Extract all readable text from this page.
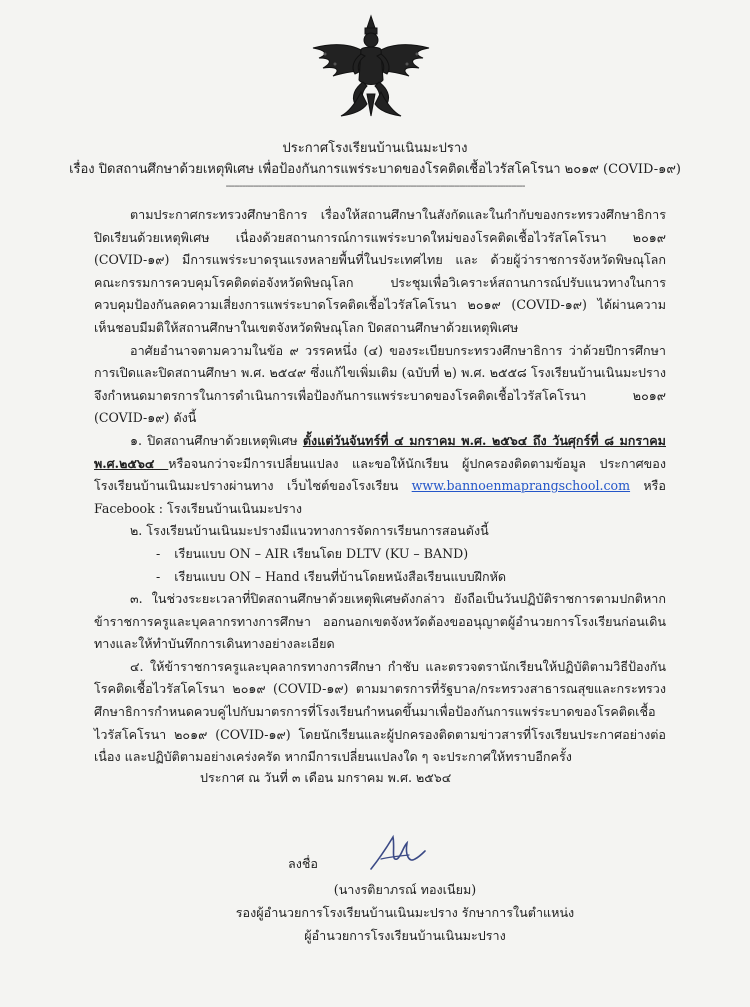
ประกาศโรงเรียนบ้านเนินมะปราง
เรื่อง ปิดสถานศึกษาด้วยเหตุพิเศษ เพื่อป้องกันการแพร่ระบาดของโรคติดเชื้อไวรัสโคโรนา ๒๐๑๙ (COVID-๑๙)
--------------------------------------------------------------------------------------------------------------

ตามประกาศกระทรวงศึกษาธิการ เรื่องให้สถานศึกษาในสังกัดและในกำกับของกระทรวงศึกษาธิการปิดเรียนด้วยเหตุพิเศษ เนื่องด้วยสถานการณ์การแพร่ระบาดใหม่ของโรคติดเชื้อไวรัสโคโรนา ๒๐๑๙ (COVID-๑๙) มีการแพร่ระบาดรุนแรงหลายพื้นที่ในประเทศไทย และ ด้วยผู้ว่าราชการจังหวัดพิษณุโลก คณะกรรมการควบคุมโรคติดต่อจังหวัดพิษณุโลก ประชุมเพื่อวิเคราะห์สถานการณ์ปรับแนวทางในการควบคุมป้องกันลดความเสี่ยงการแพร่ระบาดโรคติดเชื้อไวรัสโคโรนา ๒๐๑๙ (COVID-๑๙) ได้ผ่านความเห็นชอบมีมติให้สถานศึกษาในเขตจังหวัดพิษณุโลก ปิดสถานศึกษาด้วยเหตุพิเศษ

อาศัยอำนาจตามความในข้อ ๙ วรรคหนึ่ง (๔) ของระเบียบกระทรวงศึกษาธิการ ว่าด้วยปีการศึกษาการเปิดและปิดสถานศึกษา พ.ศ. ๒๕๔๙ ซึ่งแก้ไขเพิ่มเติม (ฉบับที่ ๒) พ.ศ. ๒๕๕๘ โรงเรียนบ้านเนินมะปราง จึงกำหนดมาตรการในการดำเนินการเพื่อป้องกันการแพร่ระบาดของโรคติดเชื้อไวรัสโคโรนา ๒๐๑๙ (COVID-๑๙) ดังนี้

๑. ปิดสถานศึกษาด้วยเหตุพิเศษ ตั้งแต่วันจันทร์ที่ ๔ มกราคม พ.ศ. ๒๕๖๔ ถึง วันศุกร์ที่ ๘ มกราคม พ.ศ.๒๕๖๔ หรือจนกว่าจะมีการเปลี่ยนแปลง และขอให้นักเรียน ผู้ปกครองติดตามข้อมูล ประกาศของโรงเรียนบ้านเนินมะปรางผ่านทาง เว็บไซต์ของโรงเรียน www.bannoenmaprangschool.com หรือ Facebook : โรงเรียนบ้านเนินมะปราง

๒. โรงเรียนบ้านเนินมะปรางมีแนวทางการจัดการเรียนการสอนดังนี้

- เรียนแบบ ON – AIR เรียนโดย DLTV (KU – BAND)
- เรียนแบบ ON – Hand เรียนที่บ้านโดยหนังสือเรียนแบบฝึกหัด

๓. ในช่วงระยะเวลาที่ปิดสถานศึกษาด้วยเหตุพิเศษดังกล่าว ยังถือเป็นวันปฏิบัติราชการตามปกติหากข้าราชการครูและบุคลากรทางการศึกษา ออกนอกเขตจังหวัดต้องขออนุญาตผู้อำนวยการโรงเรียนก่อนเดินทางและให้ทำบันทึกการเดินทางอย่างละเอียด

๔. ให้ข้าราชการครูและบุคลากรทางการศึกษา กำชับ และตรวจตรานักเรียนให้ปฏิบัติตามวิธีป้องกันโรคติดเชื้อไวรัสโคโรนา ๒๐๑๙ (COVID-๑๙) ตามมาตรการที่รัฐบาล/กระทรวงสาธารณสุขและกระทรวงศึกษาธิการกำหนดควบคู่ไปกับมาตรการที่โรงเรียนกำหนดขึ้นมาเพื่อป้องกันการแพร่ระบาดของโรคติดเชื้อไวรัสโคโรนา ๒๐๑๙ (COVID-๑๙) โดยนักเรียนและผู้ปกครองติดตามข่าวสารที่โรงเรียนประกาศอย่างต่อเนื่อง และปฏิบัติตามอย่างเคร่งครัด หากมีการเปลี่ยนแปลงใด ๆ จะประกาศให้ทราบอีกครั้ง

ประกาศ ณ วันที่ ๓ เดือน มกราคม พ.ศ. ๒๕๖๔
ลงชื่อ
(นางรติยาภรณ์ ทองเนียม)
รองผู้อำนวยการโรงเรียนบ้านเนินมะปราง รักษาการในตำแหน่ง
ผู้อำนวยการโรงเรียนบ้านเนินมะปราง
